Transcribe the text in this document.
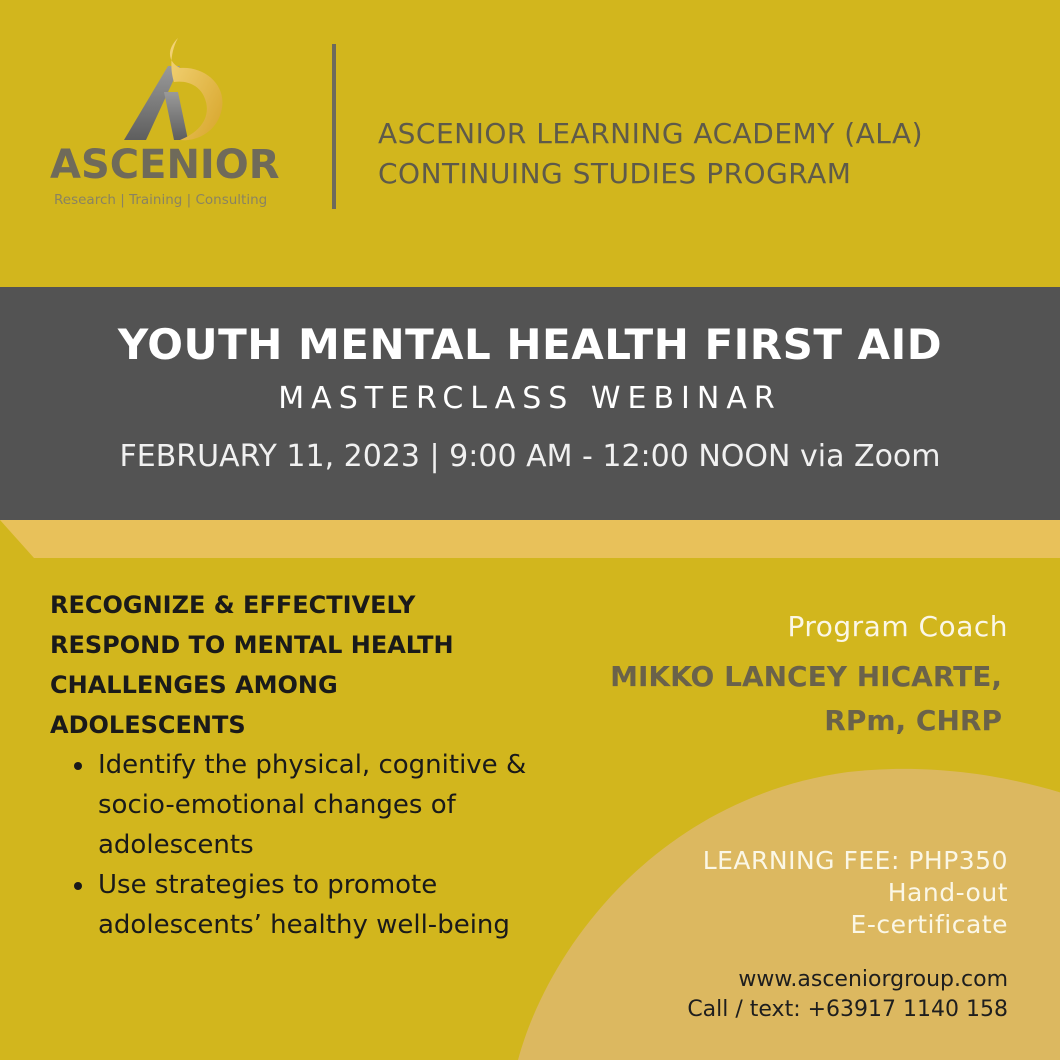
ASCENIOR
Research | Training | Consulting
ASCENIOR LEARNING ACADEMY (ALA)
CONTINUING STUDIES PROGRAM
YOUTH MENTAL HEALTH FIRST AID
MASTERCLASS WEBINAR
FEBRUARY 11, 2023 | 9:00 AM - 12:00 NOON via Zoom
RECOGNIZE & EFFECTIVELY
RESPOND TO MENTAL HEALTH
CHALLENGES AMONG
ADOLESCENTS
Identify the physical, cognitive & socio-emotional changes of adolescents
Use strategies to promote adolescents’ healthy well-being
Program Coach
MIKKO LANCEY HICARTE,
RPm, CHRP
LEARNING FEE: PHP350
Hand-out
E-certificate
www.asceniorgroup.com
Call / text: +63917 1140 158
